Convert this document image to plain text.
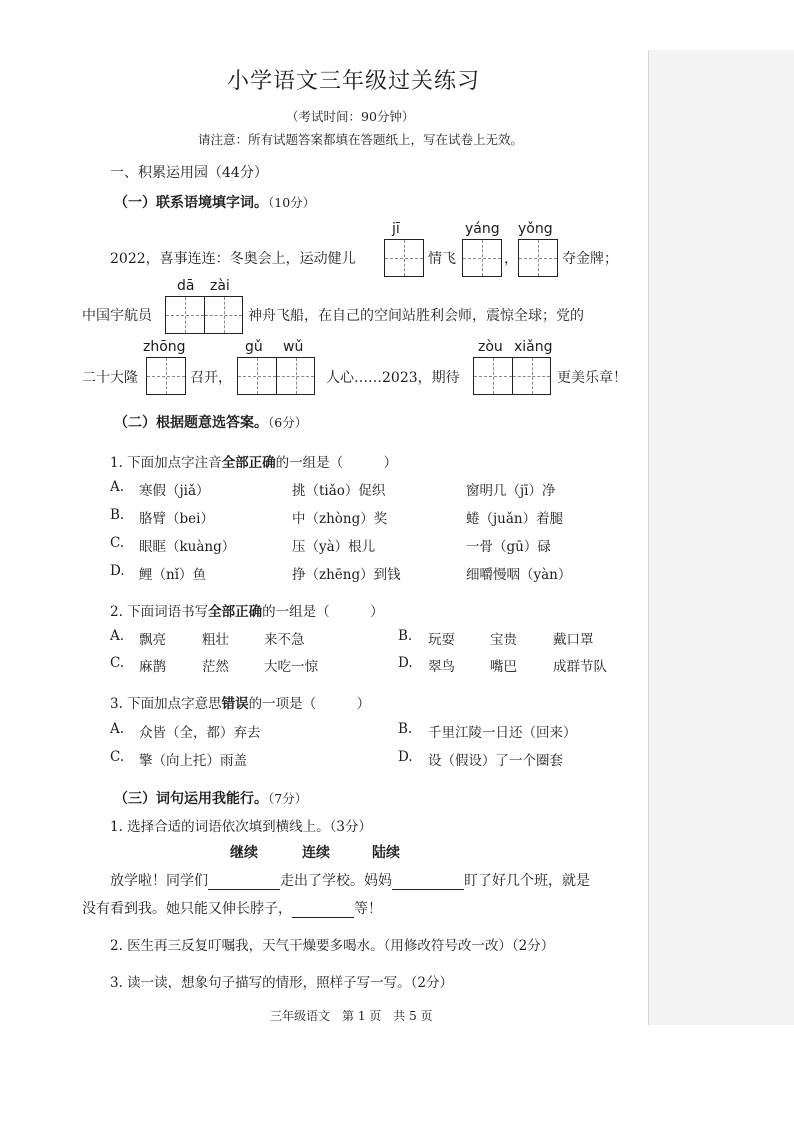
小学语文三年级过关练习
（考试时间：90分钟）
请注意：所有试题答案都填在答题纸上，写在试卷上无效。
一、积累运用园（44分）
（一）联系语境填字词。（10分）
jī	yáng yǒng
2022，喜事连连：冬奥会上，运动健儿	情飞	，	夺金牌；
dā zài
中国宇航员	神舟飞船，在自己的空间站胜利会师，震惊全球；党的
zhōng	gǔ wǔ	zòu xiǎng
二十大隆	召开，	人心……2023，期待	更美乐章！
（二）根据题意选答案。（6分）
1. 下面加点字注音全部正确的一组是（　　　）
A. 寒假（jiǎ）	挑（tiǎo）促织	窗明几（jī）净
B. 胳臂（bei）	中（zhòng）奖	蜷（juǎn）着腿
C. 眼眶（kuàng）	压（yà）根儿	一骨（gū）碌
D. 鲤（nǐ）鱼	挣（zhēng）到钱	细嚼慢咽（yàn）
2. 下面词语书写全部正确的一组是（　　　）
A. 飘亮	粗壮	来不急	B. 玩耍	宝贵	戴口罩
C. 麻鹊	茫然	大吃一惊	D. 翠鸟	嘴巴	成群节队
3. 下面加点字意思错误的一项是（　　　）
A. 众皆（全，都）弃去	B. 千里江陵一日还（回来）
C. 擎（向上托）雨盖	D. 设（假设）了一个圈套
（三）词句运用我能行。（7分）
1. 选择合适的词语依次填到横线上。（3分）
继续	连续	陆续
放学啦！同学们	走出了学校。妈妈	盯了好几个班，就是
没有看到我。她只能又伸长脖子，	等！
2. 医生再三反复叮嘱我，天气干燥要多喝水。（用修改符号改一改）（2分）
3. 读一读，想象句子描写的情形，照样子写一写。（2分）
三年级语文　第 1 页　共 5 页
